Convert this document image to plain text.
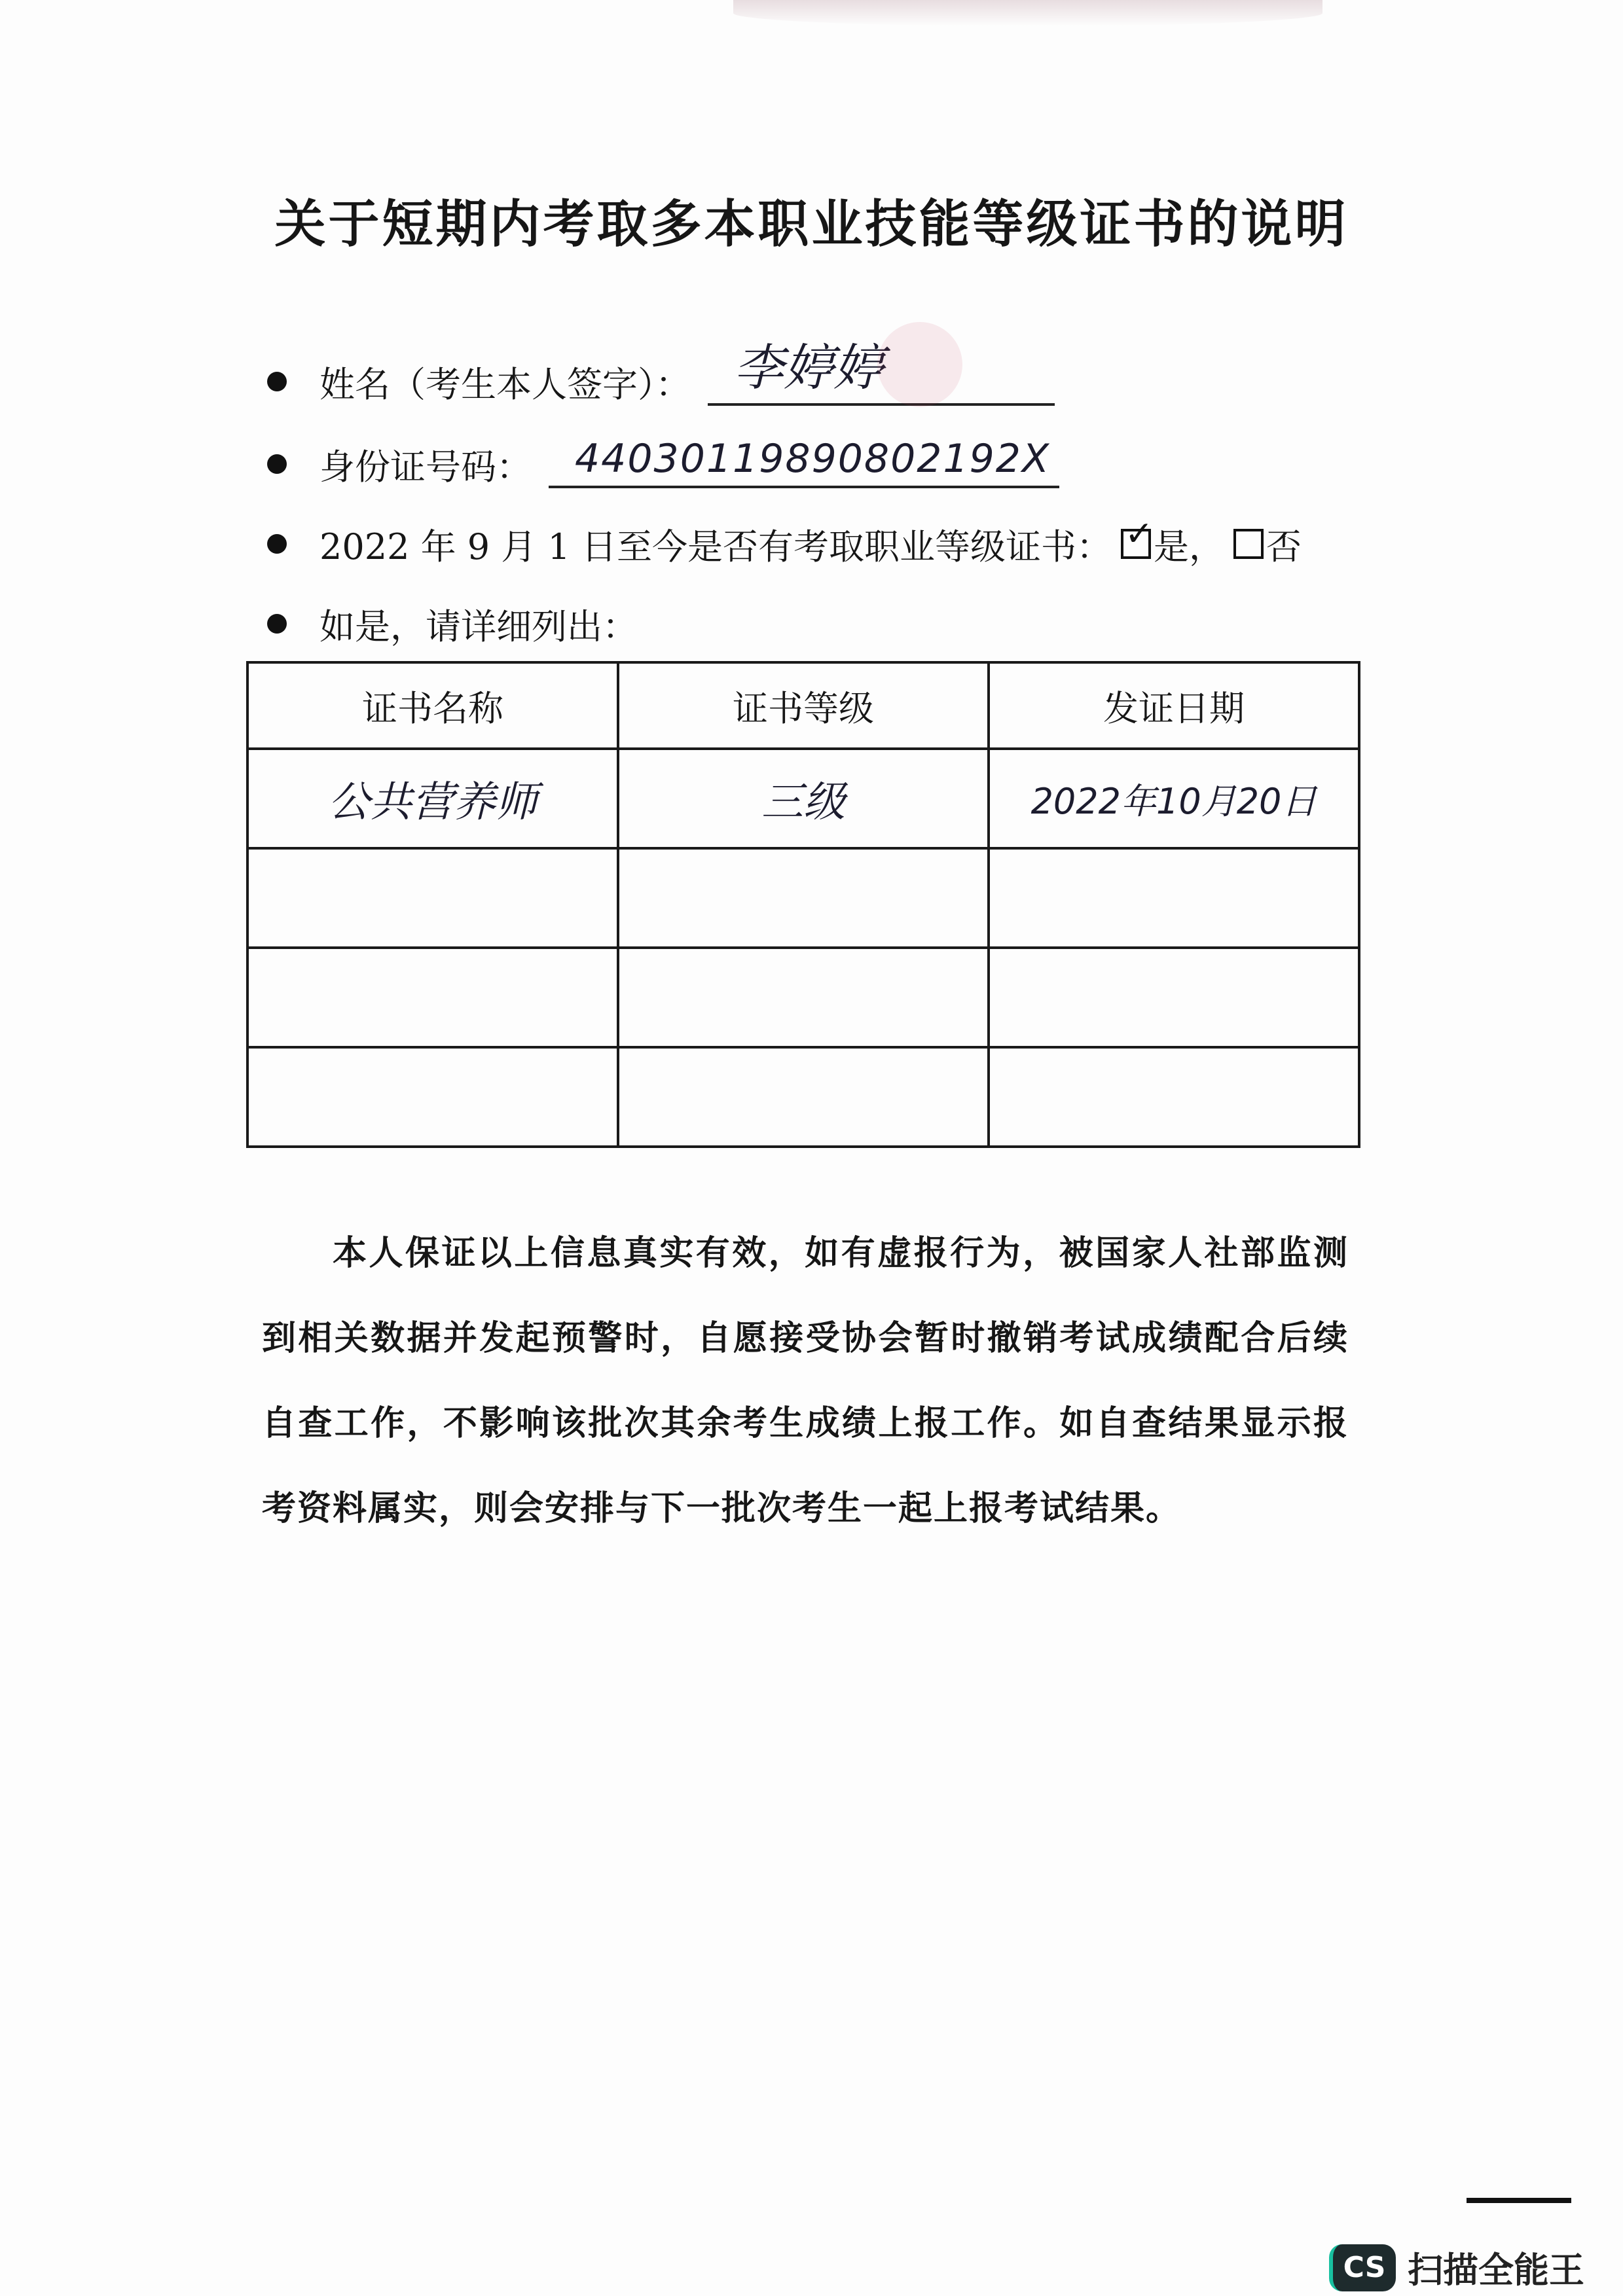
关于短期内考取多本职业技能等级证书的说明
姓名（考生本人签字）： 李婷婷
身份证号码： 44030119890802192X
2022 年 9 月 1 日至今是否有考取职业等级证书： ✓ 是， 否
如是，请详细列出：
证书名称	证书等级	发证日期
公共营养师	三级	2022年10月20日

本人保证以上信息真实有效，如有虚报行为，被国家人社部监测到相关数据并发起预警时，自愿接受协会暂时撤销考试成绩配合后续自查工作，不影响该批次其余考生成绩上报工作。如自查结果显示报考资料属实，则会安排与下一批次考生一起上报考试结果。
CS 扫描全能王
